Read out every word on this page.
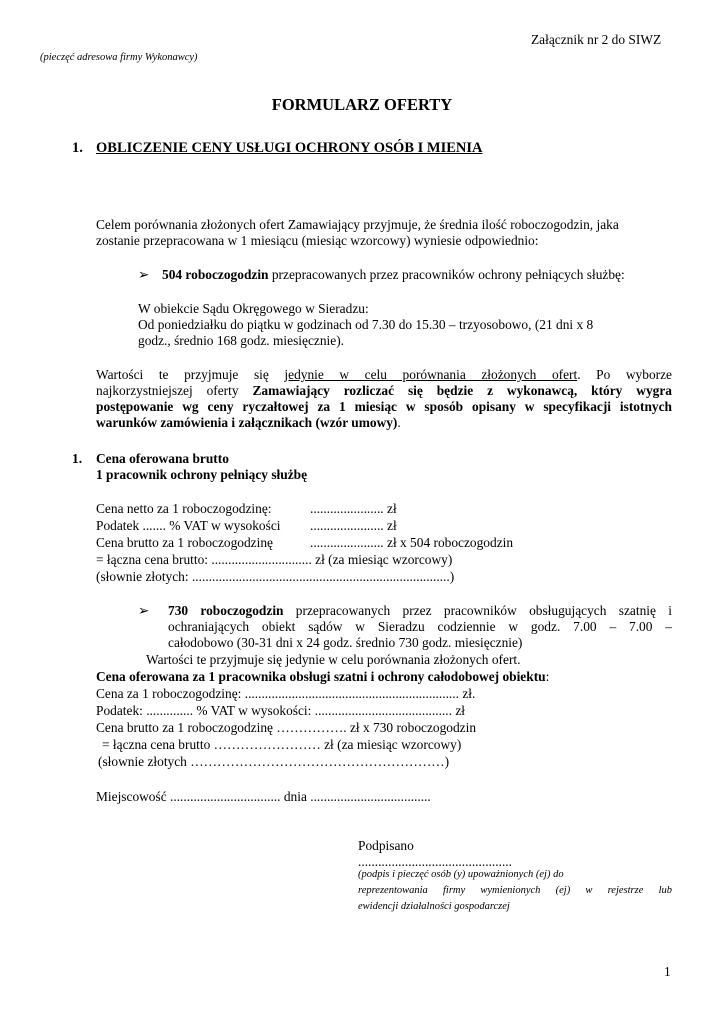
Załącznik nr 2 do SIWZ
(pieczęć adresowa firmy Wykonawcy)
FORMULARZ OFERTY
1. OBLICZENIE CENY USŁUGI OCHRONY OSÓB I MIENIA
Celem porównania złożonych ofert Zamawiający przyjmuje, że średnia ilość roboczogodzin, jaka
zostanie przepracowana w 1 miesiącu (miesiąc wzorcowy) wyniesie odpowiednio:
➢ 504 roboczogodzin przepracowanych przez pracowników ochrony pełniących służbę:
W obiekcie Sądu Okręgowego w Sieradzu:
Od poniedziałku do piątku w godzinach od 7.30 do 15.30 – trzyosobowo, (21 dni x 8
godz., średnio 168 godz. miesięcznie).
Wartości te przyjmuje się jedynie w celu porównania złożonych ofert. Po wyborze
najkorzystniejszej oferty Zamawiający rozliczać się będzie z wykonawcą, który wygra
postępowanie wg ceny ryczałtowej za 1 miesiąc w sposób opisany w specyfikacji istotnych
warunków zamówienia i załącznikach (wzór umowy).
1. Cena oferowana brutto
1 pracownik ochrony pełniący służbę
Cena netto za 1 roboczogodzinę:	...................... zł
Podatek ....... % VAT w wysokości ...................... zł
Cena brutto za 1 roboczogodzinę	...................... zł x 504 roboczogodzin
= łączna cena brutto: .............................. zł (za miesiąc wzorcowy)
(słownie złotych: .............................................................................)
➢ 730 roboczogodzin przepracowanych przez pracowników obsługujących szatnię i
ochraniających obiekt sądów w Sieradzu codziennie w godz. 7.00 – 7.00 –
całodobowo (30-31 dni x 24 godz. średnio 730 godz. miesięcznie)
Wartości te przyjmuje się jedynie w celu porównania złożonych ofert.
Cena oferowana za 1 pracownika obsługi szatni i ochrony całodobowej obiektu:
Cena za 1 roboczogodzinę: ................................................................ zł.
Podatek: .............. % VAT w wysokości: ......................................... zł
Cena brutto za 1 roboczogodzinę ……………. zł x 730 roboczogodzin
= łączna cena brutto …………………… zł (za miesiąc wzorcowy)
(słownie złotych …………………………………………………)
Miejscowość ................................. dnia ....................................
Podpisano
..............................................
(podpis i pieczęć osób (y) upoważnionych (ej) do
reprezentowania firmy wymienionych (ej) w rejestrze lub
ewidencji działalności gospodarczej
1
